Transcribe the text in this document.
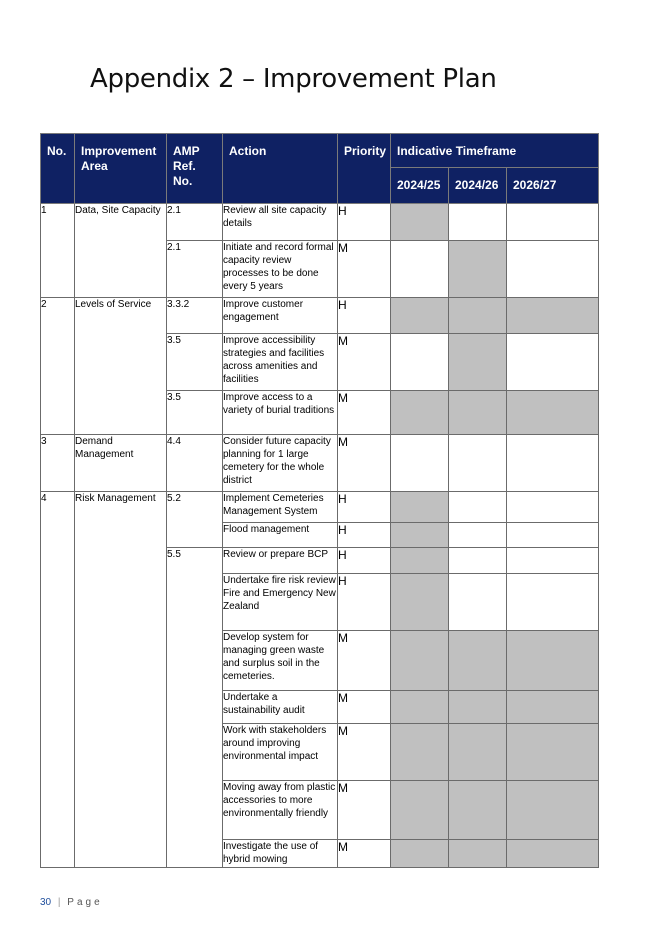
Appendix 2 – Improvement Plan
No.	Improvement Area	AMP Ref. No.	Action	Priority	Indicative Timeframe		
					2024/25	2024/26	2026/27
1	Data, Site Capacity	2.1	Review all site capacity details	H			
		2.1	Initiate and record formal capacity review processes to be done every 5 years	M			
2	Levels of Service	3.3.2	Improve customer engagement	H			
		3.5	Improve accessibility strategies and facilities across amenities and facilities	M			
		3.5	Improve access to a variety of burial traditions	M			
3	Demand Management	4.4	Consider future capacity planning for 1 large cemetery for the whole district	M			
4	Risk Management	5.2	Implement Cemeteries Management System	H			
			Flood management	H			
		5.5	Review or prepare BCP	H			
			Undertake fire risk review Fire and Emergency New Zealand	H			
			Develop system for managing green waste and surplus soil in the cemeteries.	M			
			Undertake a sustainability audit	M			
			Work with stakeholders around improving environmental impact	M			
			Moving away from plastic accessories to more environmentally friendly	M			
			Investigate the use of hybrid mowing	M			
30 | Page
